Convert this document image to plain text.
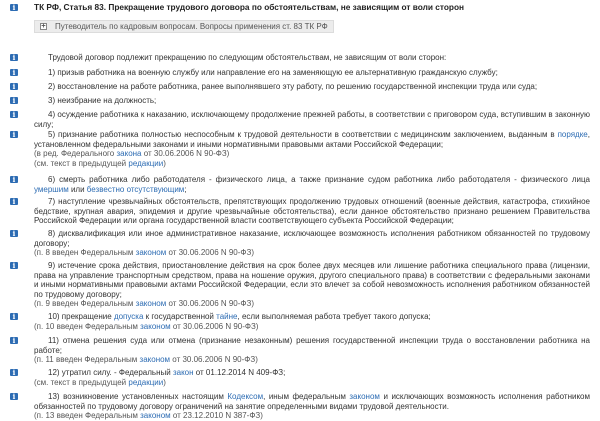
i	ТК РФ, Статья 83. Прекращение трудового договора по обстоятельствам, не зависящим от воли сторон
+ Путеводитель по кадровым вопросам. Вопросы применения ст. 83 ТК РФ
i	Трудовой договор подлежит прекращению по следующим обстоятельствам, не зависящим от воли сторон:
i	1) призыв работника на военную службу или направление его на заменяющую ее альтернативную гражданскую службу;
i	2) восстановление на работе работника, ранее выполнявшего эту работу, по решению государственной инспекции труда или суда;
i	3) неизбрание на должность;
i	4) осуждение работника к наказанию, исключающему продолжение прежней работы, в соответствии с приговором суда, вступившим в законную силу;
i	5) признание работника полностью неспособным к трудовой деятельности в соответствии с медицинским заключением, выданным в порядке, установленном федеральными законами и иными нормативными правовыми актами Российской Федерации;
(в ред. Федерального закона от 30.06.2006 N 90-ФЗ)
(см. текст в предыдущей редакции)
i	6) смерть работника либо работодателя - физического лица, а также признание судом работника либо работодателя - физического лица умершим или безвестно отсутствующим;
i	7) наступление чрезвычайных обстоятельств, препятствующих продолжению трудовых отношений (военные действия, катастрофа, стихийное бедствие, крупная авария, эпидемия и другие чрезвычайные обстоятельства), если данное обстоятельство признано решением Правительства Российской Федерации или органа государственной власти соответствующего субъекта Российской Федерации;
i	8) дисквалификация или иное административное наказание, исключающее возможность исполнения работником обязанностей по трудовому договору;
(п. 8 введен Федеральным законом от 30.06.2006 N 90-ФЗ)
i	9) истечение срока действия, приостановление действия на срок более двух месяцев или лишение работника специального права (лицензии, права на управление транспортным средством, права на ношение оружия, другого специального права) в соответствии с федеральными законами и иными нормативными правовыми актами Российской Федерации, если это влечет за собой невозможность исполнения работником обязанностей по трудовому договору;
(п. 9 введен Федеральным законом от 30.06.2006 N 90-ФЗ)
i	10) прекращение допуска к государственной тайне, если выполняемая работа требует такого допуска;
(п. 10 введен Федеральным законом от 30.06.2006 N 90-ФЗ)
i	11) отмена решения суда или отмена (признание незаконным) решения государственной инспекции труда о восстановлении работника на работе;
(п. 11 введен Федеральным законом от 30.06.2006 N 90-ФЗ)
i	12) утратил силу. - Федеральный закон от 01.12.2014 N 409-ФЗ;
(см. текст в предыдущей редакции)
i	13) возникновение установленных настоящим Кодексом, иным федеральным законом и исключающих возможность исполнения работником обязанностей по трудовому договору ограничений на занятие определенными видами трудовой деятельности.
(п. 13 введен Федеральным законом от 23.12.2010 N 387-ФЗ)
